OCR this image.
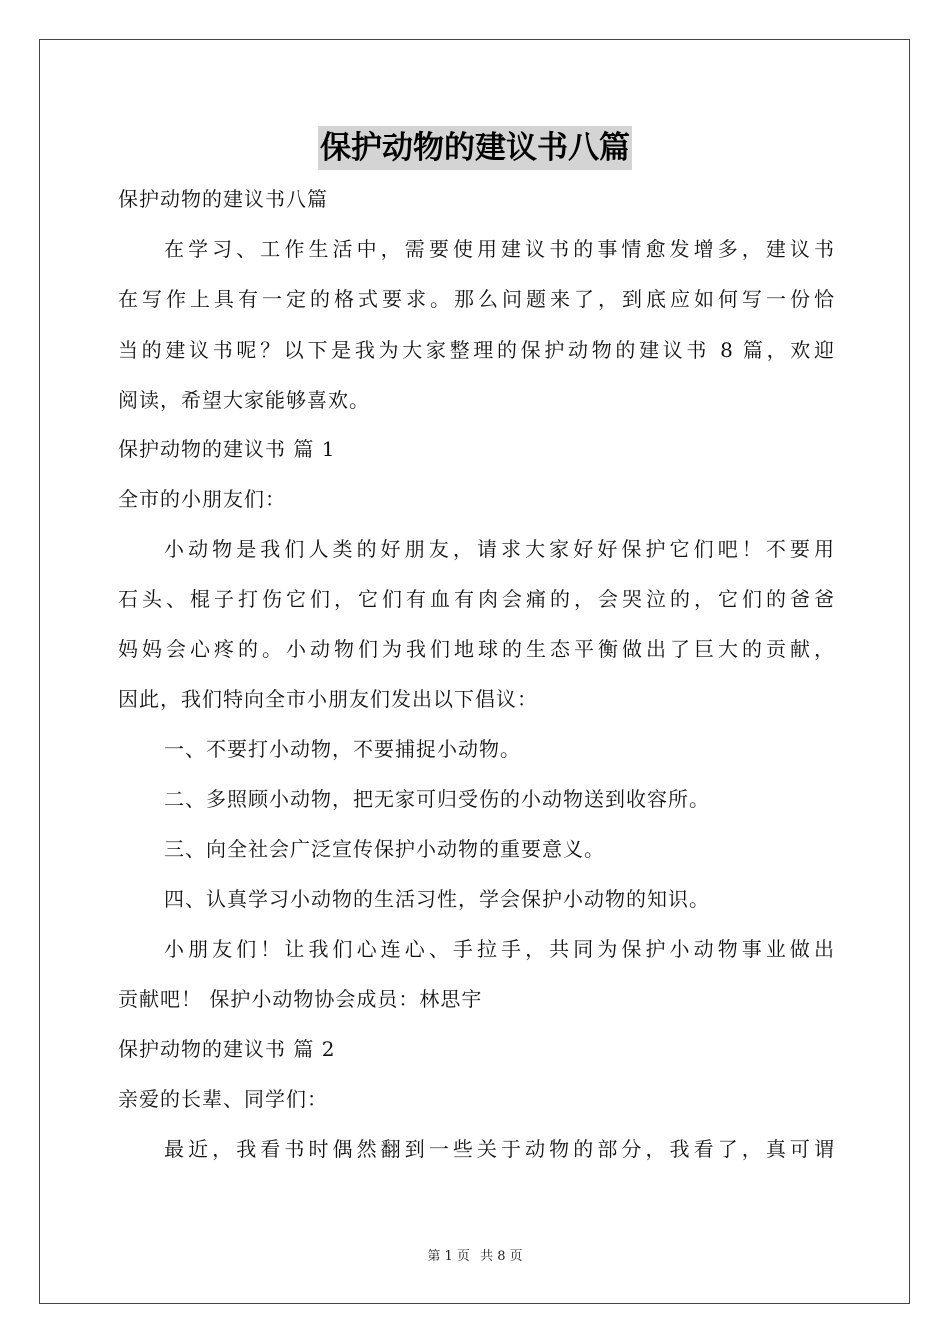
保护动物的建议书八篇
保护动物的建议书八篇
在学习、工作生活中，需要使用建议书的事情愈发增多，建议书
在写作上具有一定的格式要求。那么问题来了，到底应如何写一份恰
当的建议书呢？以下是我为大家整理的保护动物的建议书 8 篇，欢迎
阅读，希望大家能够喜欢。
保护动物的建议书 篇 1
全市的小朋友们：
小动物是我们人类的好朋友，请求大家好好保护它们吧！不要用
石头、棍子打伤它们，它们有血有肉会痛的，会哭泣的，它们的爸爸
妈妈会心疼的。小动物们为我们地球的生态平衡做出了巨大的贡献，
因此，我们特向全市小朋友们发出以下倡议：
一、不要打小动物，不要捕捉小动物。
二、多照顾小动物，把无家可归受伤的小动物送到收容所。
三、向全社会广泛宣传保护小动物的重要意义。
四、认真学习小动物的生活习性，学会保护小动物的知识。
小朋友们！让我们心连心、手拉手，共同为保护小动物事业做出
贡献吧！ 保护小动物协会成员：林思宇
保护动物的建议书 篇 2
亲爱的长辈、同学们：
最近，我看书时偶然翻到一些关于动物的部分，我看了，真可谓
第 1 页 共 8 页
